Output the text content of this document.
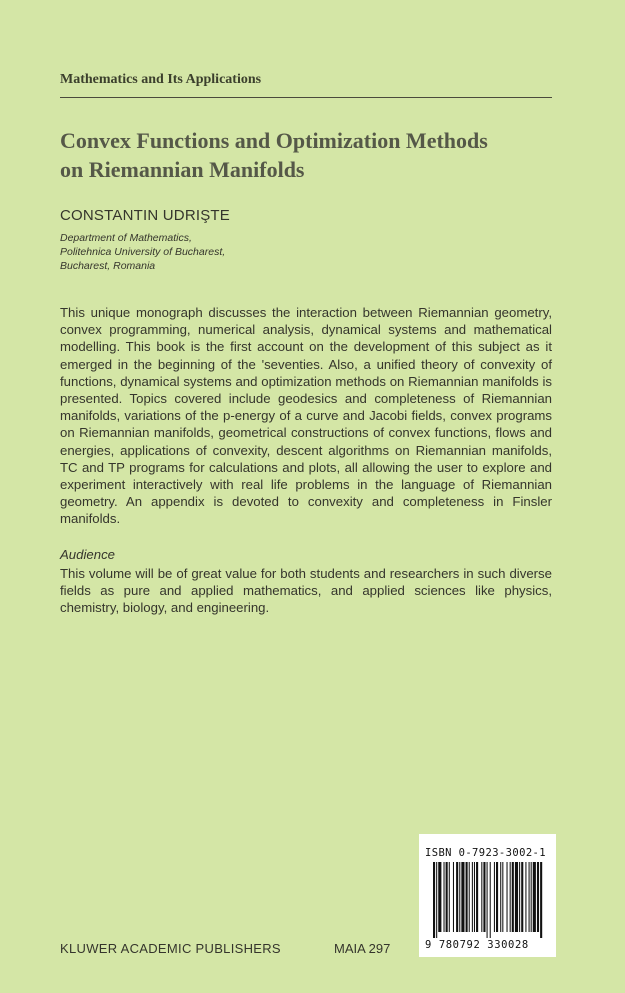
Mathematics and Its Applications

Convex Functions and Optimization Methods
on Riemannian Manifolds

CONSTANTIN UDRIŞTE

Department of Mathematics,
Politehnica University of Bucharest,
Bucharest, Romania

This unique monograph discusses the interaction between Riemannian geometry, convex programming, numerical analysis, dynamical systems and mathematical modelling. This book is the first account on the development of this subject as it emerged in the beginning of the 'seventies. Also, a unified theory of convexity of functions, dynamical systems and optimization methods on Riemannian manifolds is presented. Topics covered include geodesics and completeness of Riemannian manifolds, variations of the p-energy of a curve and Jacobi fields, convex programs on Riemannian manifolds, geometrical constructions of convex functions, flows and energies, applications of convexity, descent algorithms on Riemannian manifolds, TC and TP programs for calculations and plots, all allowing the user to explore and experiment interactively with real life problems in the language of Riemannian geometry. An appendix is devoted to convexity and completeness in Finsler manifolds.

Audience

This volume will be of great value for both students and researchers in such diverse fields as pure and applied mathematics, and applied sciences like physics, chemistry, biology, and engineering.

KLUWER ACADEMIC PUBLISHERS	MAIA 297

ISBN 0-7923-3002-1

9 780792 330028
